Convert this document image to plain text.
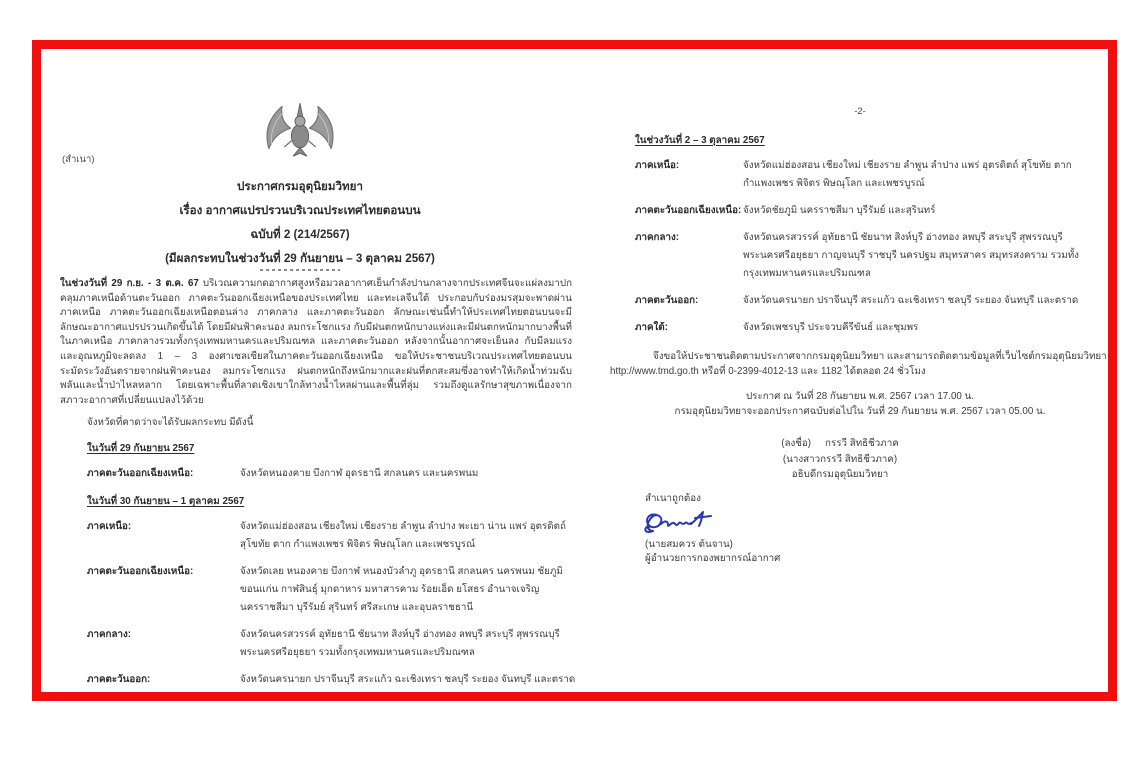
(สำเนา)
ประกาศกรมอุตุนิยมวิทยา
เรื่อง อากาศแปรปรวนบริเวณประเทศไทยตอนบน
ฉบับที่ 2 (214/2567)
(มีผลกระทบในช่วงวันที่ 29 กันยายน – 3 ตุลาคม 2567)
ในช่วงวันที่ 29 ก.ย. - 3 ต.ค. 67 บริเวณความกดอากาศสูงหรือมวลอากาศเย็นกำลังปานกลางจากประเทศจีนจะแผ่ลงมาปกคลุมภาคเหนือด้านตะวันออก ภาคตะวันออกเฉียงเหนือของประเทศไทย และทะเลจีนใต้ ประกอบกับร่องมรสุมจะพาดผ่านภาคเหนือ ภาคตะวันออกเฉียงเหนือตอนล่าง ภาคกลาง และภาคตะวันออก ลักษณะเช่นนี้ทำให้ประเทศไทยตอนบนจะมีลักษณะอากาศแปรปรวนเกิดขึ้นได้ โดยมีฝนฟ้าคะนอง ลมกระโชกแรง กับมีฝนตกหนักบางแห่งและมีฝนตกหนักมากบางพื้นที่ในภาคเหนือ ภาคกลางรวมทั้งกรุงเทพมหานครและปริมณฑล และภาคตะวันออก หลังจากนั้นอากาศจะเย็นลง กับมีลมแรง และอุณหภูมิจะลดลง 1 – 3 องศาเซลเซียสในภาคตะวันออกเฉียงเหนือ ขอให้ประชาชนบริเวณประเทศไทยตอนบน ระมัดระวังอันตรายจากฝนฟ้าคะนอง ลมกระโชกแรง ฝนตกหนักถึงหนักมากและฝนที่ตกสะสมซึ่งอาจทำให้เกิดน้ำท่วมฉับพลันและน้ำป่าไหลหลาก โดยเฉพาะพื้นที่ลาดเชิงเขาใกล้ทางน้ำไหลผ่านและพื้นที่ลุ่ม รวมถึงดูแลรักษาสุขภาพเนื่องจากสภาวะอากาศที่เปลี่ยนแปลงไว้ด้วย
จังหวัดที่คาดว่าจะได้รับผลกระทบ มีดังนี้
ในวันที่ 29 กันยายน 2567
ภาคตะวันออกเฉียงเหนือ:	จังหวัดหนองคาย บึงกาฬ อุดรธานี สกลนคร และนครพนม
ในวันที่ 30 กันยายน – 1 ตุลาคม 2567
ภาคเหนือ:	จังหวัดแม่ฮ่องสอน เชียงใหม่ เชียงราย ลำพูน ลำปาง พะเยา น่าน แพร่ อุตรดิตถ์ สุโขทัย ตาก กำแพงเพชร พิจิตร พิษณุโลก และเพชรบูรณ์
ภาคตะวันออกเฉียงเหนือ:	จังหวัดเลย หนองคาย บึงกาฬ หนองบัวลำภู อุดรธานี สกลนคร นครพนม ชัยภูมิ ขอนแก่น กาฬสินธุ์ มุกดาหาร มหาสารคาม ร้อยเอ็ด ยโสธร อำนาจเจริญ นครราชสีมา บุรีรัมย์ สุรินทร์ ศรีสะเกษ และอุบลราชธานี
ภาคกลาง:	จังหวัดนครสวรรค์ อุทัยธานี ชัยนาท สิงห์บุรี อ่างทอง ลพบุรี สระบุรี สุพรรณบุรี พระนครศรีอยุธยา รวมทั้งกรุงเทพมหานครและปริมณฑล
ภาคตะวันออก:	จังหวัดนครนายก ปราจีนบุรี สระแก้ว ฉะเชิงเทรา ชลบุรี ระยอง จันทบุรี และตราด
-2-
ในช่วงวันที่ 2 – 3 ตุลาคม 2567
ภาคเหนือ:	จังหวัดแม่ฮ่องสอน เชียงใหม่ เชียงราย ลำพูน ลำปาง แพร่ อุตรดิตถ์ สุโขทัย ตาก กำแพงเพชร พิจิตร พิษณุโลก และเพชรบูรณ์
ภาคตะวันออกเฉียงเหนือ: จังหวัดชัยภูมิ นครราชสีมา บุรีรัมย์ และสุรินทร์
ภาคกลาง:	จังหวัดนครสวรรค์ อุทัยธานี ชัยนาท สิงห์บุรี อ่างทอง ลพบุรี สระบุรี สุพรรณบุรี พระนครศรีอยุธยา กาญจนบุรี ราชบุรี นครปฐม สมุทรสาคร สมุทรสงคราม รวมทั้งกรุงเทพมหานครและปริมณฑล
ภาคตะวันออก:	จังหวัดนครนายก ปราจีนบุรี สระแก้ว ฉะเชิงเทรา ชลบุรี ระยอง จันทบุรี และตราด
ภาคใต้:	จังหวัดเพชรบุรี ประจวบคีรีขันธ์ และชุมพร
จึงขอให้ประชาชนติดตามประกาศจากกรมอุตุนิยมวิทยา และสามารถติดตามข้อมูลที่เว็บไซต์กรมอุตุนิยมวิทยา
http://www.tmd.go.th หรือที่ 0-2399-4012-13 และ 1182 ได้ตลอด 24 ชั่วโมง
ประกาศ ณ วันที่ 28 กันยายน พ.ศ. 2567 เวลา 17.00 น.
กรมอุตุนิยมวิทยาจะออกประกาศฉบับต่อไปใน วันที่ 29 กันยายน พ.ศ. 2567 เวลา 05.00 น.
(ลงชื่อ) กรรวี สิทธิชีวภาค
(นางสาวกรรวี สิทธิชีวภาค)
อธิบดีกรมอุตุนิยมวิทยา
สำเนาถูกต้อง
(นายสมควร ต้นจาน)
ผู้อำนวยการกองพยากรณ์อากาศ
